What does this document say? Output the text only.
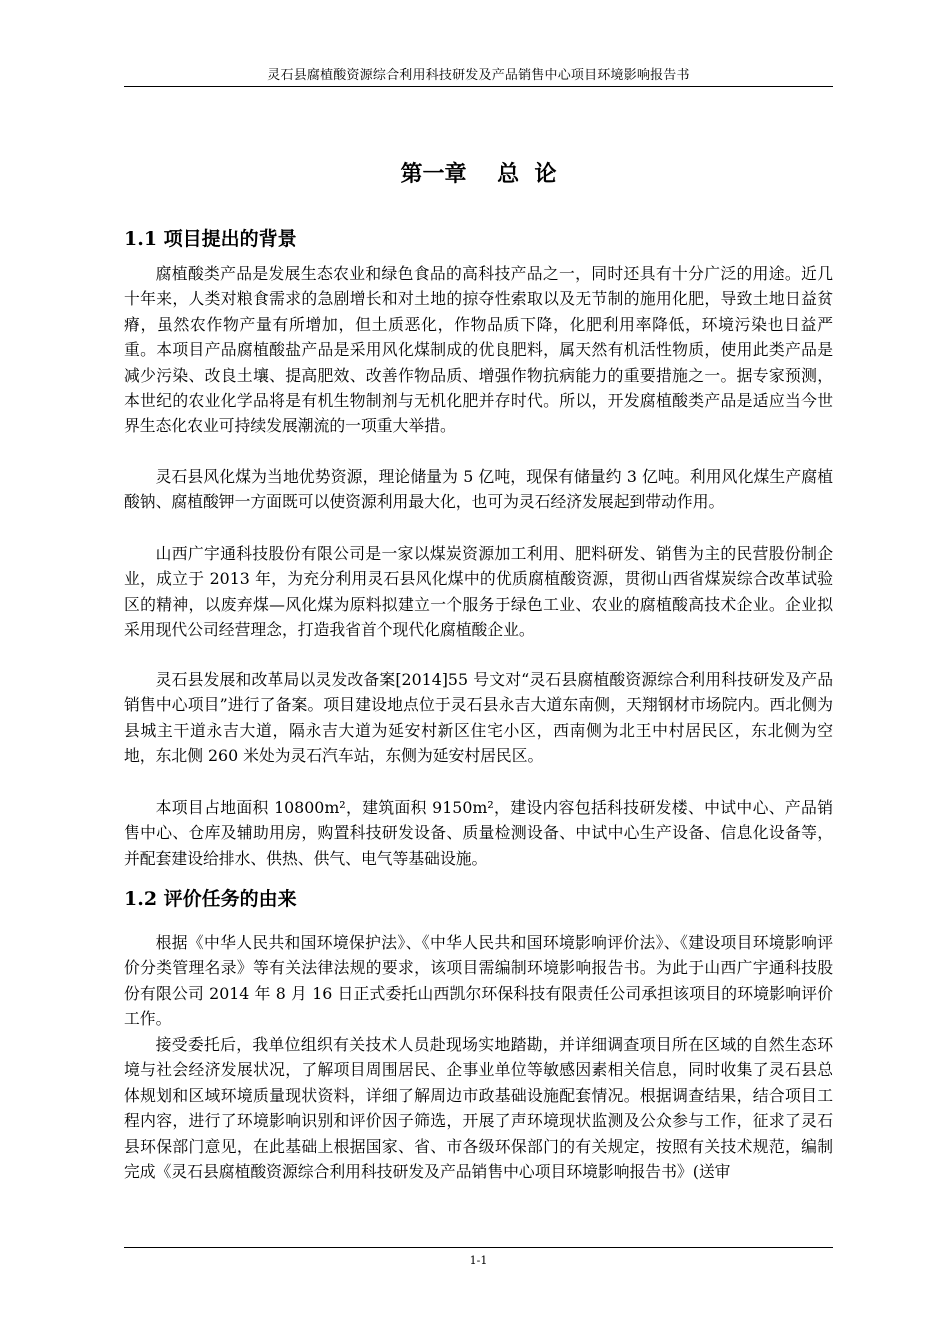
灵石县腐植酸资源综合利用科技研发及产品销售中心项目环境影响报告书
第一章    总  论
1.1 项目提出的背景

腐植酸类产品是发展生态农业和绿色食品的高科技产品之一，同时还具有十分广泛的用途。近几十年来，人类对粮食需求的急剧增长和对土地的掠夺性索取以及无节制的施用化肥，导致土地日益贫瘠，虽然农作物产量有所增加，但土质恶化，作物品质下降，化肥利用率降低，环境污染也日益严重。本项目产品腐植酸盐产品是采用风化煤制成的优良肥料，属天然有机活性物质，使用此类产品是减少污染、改良土壤、提高肥效、改善作物品质、增强作物抗病能力的重要措施之一。据专家预测，本世纪的农业化学品将是有机生物制剂与无机化肥并存时代。所以，开发腐植酸类产品是适应当今世界生态化农业可持续发展潮流的一项重大举措。

灵石县风化煤为当地优势资源，理论储量为 5 亿吨，现保有储量约 3 亿吨。利用风化煤生产腐植酸钠、腐植酸钾一方面既可以使资源利用最大化，也可为灵石经济发展起到带动作用。

山西广宇通科技股份有限公司是一家以煤炭资源加工利用、肥料研发、销售为主的民营股份制企业，成立于 2013 年，为充分利用灵石县风化煤中的优质腐植酸资源，贯彻山西省煤炭综合改革试验区的精神，以废弃煤—风化煤为原料拟建立一个服务于绿色工业、农业的腐植酸高技术企业。企业拟采用现代公司经营理念，打造我省首个现代化腐植酸企业。

灵石县发展和改革局以灵发改备案[2014]55 号文对“灵石县腐植酸资源综合利用科技研发及产品销售中心项目”进行了备案。项目建设地点位于灵石县永吉大道东南侧，天翔钢材市场院内。西北侧为县城主干道永吉大道，隔永吉大道为延安村新区住宅小区，西南侧为北王中村居民区，东北侧为空地，东北侧 260 米处为灵石汽车站，东侧为延安村居民区。

本项目占地面积 10800m²，建筑面积 9150m²，建设内容包括科技研发楼、中试中心、产品销售中心、仓库及辅助用房，购置科技研发设备、质量检测设备、中试中心生产设备、信息化设备等，并配套建设给排水、供热、供气、电气等基础设施。

1.2 评价任务的由来

根据《中华人民共和国环境保护法》、《中华人民共和国环境影响评价法》、《建设项目环境影响评价分类管理名录》等有关法律法规的要求，该项目需编制环境影响报告书。为此于山西广宇通科技股份有限公司 2014 年 8 月 16 日正式委托山西凯尔环保科技有限责任公司承担该项目的环境影响评价工作。

接受委托后，我单位组织有关技术人员赴现场实地踏勘，并详细调查项目所在区域的自然生态环境与社会经济发展状况，了解项目周围居民、企事业单位等敏感因素相关信息，同时收集了灵石县总体规划和区域环境质量现状资料，详细了解周边市政基础设施配套情况。根据调查结果，结合项目工程内容，进行了环境影响识别和评价因子筛选，开展了声环境现状监测及公众参与工作，征求了灵石县环保部门意见，在此基础上根据国家、省、市各级环保部门的有关规定，按照有关技术规范，编制完成《灵石县腐植酸资源综合利用科技研发及产品销售中心项目环境影响报告书》(送审

1-1
